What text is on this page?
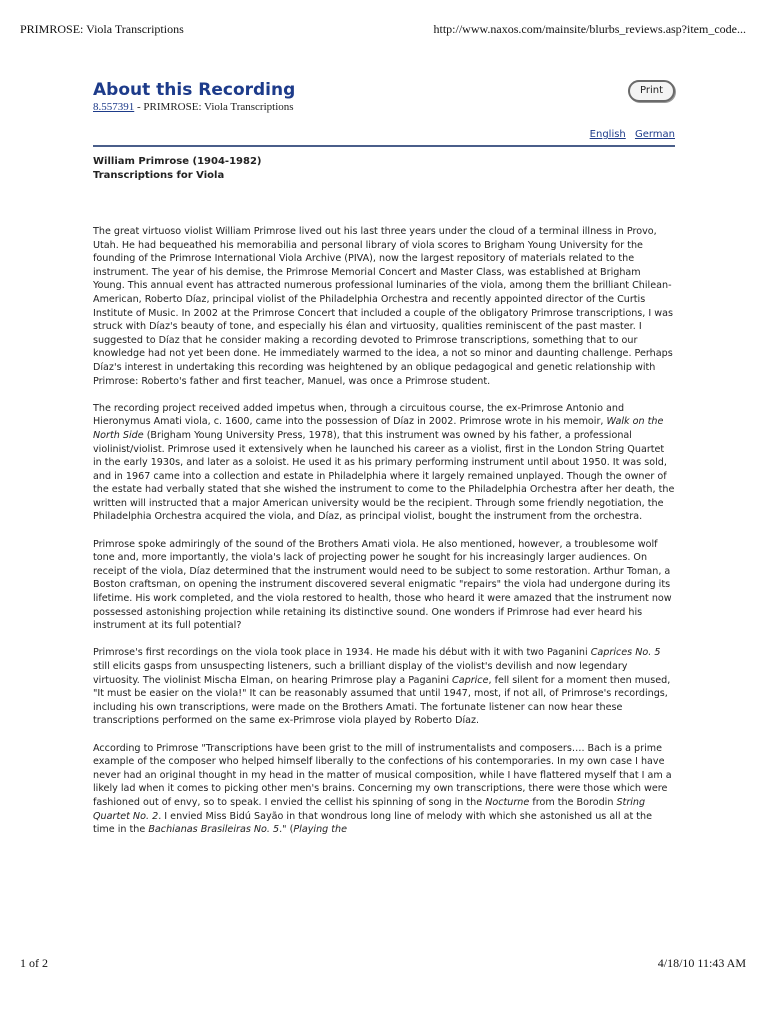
PRIMROSE: Viola Transcriptions	http://www.naxos.com/mainsite/blurbs_reviews.asp?item_code...
About this Recording	Print
8.557391 - PRIMROSE: Viola Transcriptions
English German
William Primrose (1904-1982)
Transcriptions for Viola

The great virtuoso violist William Primrose lived out his last three years under the cloud of a terminal illness in Provo, Utah. He had bequeathed his memorabilia and personal library of viola scores to Brigham Young University for the founding of the Primrose International Viola Archive (PIVA), now the largest repository of materials related to the instrument. The year of his demise, the Primrose Memorial Concert and Master Class, was established at Brigham Young. This annual event has attracted numerous professional luminaries of the viola, among them the brilliant Chilean-American, Roberto Díaz, principal violist of the Philadelphia Orchestra and recently appointed director of the Curtis Institute of Music. In 2002 at the Primrose Concert that included a couple of the obligatory Primrose transcriptions, I was struck with Díaz's beauty of tone, and especially his élan and virtuosity, qualities reminiscent of the past master. I suggested to Díaz that he consider making a recording devoted to Primrose transcriptions, something that to our knowledge had not yet been done. He immediately warmed to the idea, a not so minor and daunting challenge. Perhaps Díaz's interest in undertaking this recording was heightened by an oblique pedagogical and genetic relationship with Primrose: Roberto's father and first teacher, Manuel, was once a Primrose student.

The recording project received added impetus when, through a circuitous course, the ex-Primrose Antonio and Hieronymus Amati viola, c. 1600, came into the possession of Díaz in 2002. Primrose wrote in his memoir, Walk on the North Side (Brigham Young University Press, 1978), that this instrument was owned by his father, a professional violinist/violist. Primrose used it extensively when he launched his career as a violist, first in the London String Quartet in the early 1930s, and later as a soloist. He used it as his primary performing instrument until about 1950. It was sold, and in 1967 came into a collection and estate in Philadelphia where it largely remained unplayed. Though the owner of the estate had verbally stated that she wished the instrument to come to the Philadelphia Orchestra after her death, the written will instructed that a major American university would be the recipient. Through some friendly negotiation, the Philadelphia Orchestra acquired the viola, and Díaz, as principal violist, bought the instrument from the orchestra.

Primrose spoke admiringly of the sound of the Brothers Amati viola. He also mentioned, however, a troublesome wolf tone and, more importantly, the viola's lack of projecting power he sought for his increasingly larger audiences. On receipt of the viola, Díaz determined that the instrument would need to be subject to some restoration. Arthur Toman, a Boston craftsman, on opening the instrument discovered several enigmatic "repairs" the viola had undergone during its lifetime. His work completed, and the viola restored to health, those who heard it were amazed that the instrument now possessed astonishing projection while retaining its distinctive sound. One wonders if Primrose had ever heard his instrument at its full potential?

Primrose's first recordings on the viola took place in 1934. He made his début with it with two Paganini Caprices No. 5 still elicits gasps from unsuspecting listeners, such a brilliant display of the violist's devilish and now legendary virtuosity. The violinist Mischa Elman, on hearing Primrose play a Paganini Caprice, fell silent for a moment then mused, "It must be easier on the viola!" It can be reasonably assumed that until 1947, most, if not all, of Primrose's recordings, including his own transcriptions, were made on the Brothers Amati. The fortunate listener can now hear these transcriptions performed on the same ex-Primrose viola played by Roberto Díaz.

According to Primrose "Transcriptions have been grist to the mill of instrumentalists and composers…. Bach is a prime example of the composer who helped himself liberally to the confections of his contemporaries. In my own case I have never had an original thought in my head in the matter of musical composition, while I have flattered myself that I am a likely lad when it comes to picking other men's brains. Concerning my own transcriptions, there were those which were fashioned out of envy, so to speak. I envied the cellist his spinning of song in the Nocturne from the Borodin String Quartet No. 2. I envied Miss Bidú Sayão in that wondrous long line of melody with which she astonished us all at the time in the Bachianas Brasileiras No. 5." (Playing the

1 of 2	4/18/10 11:43 AM
